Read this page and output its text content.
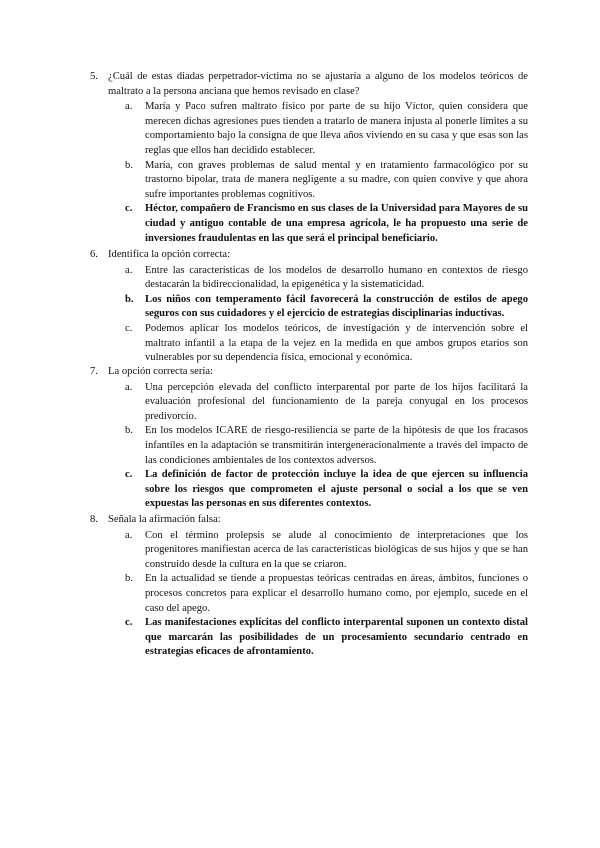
5. ¿Cuál de estas diadas perpetrador-víctima no se ajustaría a alguno de los modelos teóricos de maltrato a la persona anciana que hemos revisado en clase?
a.	María y Paco sufren maltrato físico por parte de su hijo Víctor, quien considera que merecen dichas agresiones pues tienden a tratarlo de manera injusta al ponerle límites a su comportamiento bajo la consigna de que lleva años viviendo en su casa y que esas son las reglas que ellos han decidido establecer.
b.	María, con graves problemas de salud mental y en tratamiento farmacológico por su trastorno bipolar, trata de manera negligente a su madre, con quien convive y que ahora sufre importantes problemas cognitivos.
c.	Héctor, compañero de Francismo en sus clases de la Universidad para Mayores de su ciudad y antiguo contable de una empresa agrícola, le ha propuesto una serie de inversiones fraudulentas en las que será el principal beneficiario.
6. Identifica la opción correcta:
a.	Entre las características de los modelos de desarrollo humano en contextos de riesgo destacarán la bidireccionalidad, la epigenética y la sistematicidad.
b.	Los niños con temperamento fácil favorecerá la construcción de estilos de apego seguros con sus cuidadores y el ejercicio de estrategias disciplinarias inductivas.
c.	Podemos aplicar los modelos teóricos, de investigación y de intervención sobre el maltrato infantil a la etapa de la vejez en la medida en que ambos grupos etarios son vulnerables por su dependencia física, emocional y económica.
7. La opción correcta sería:
a.	Una percepción elevada del conflicto interparental por parte de los hijos facilitará la evaluación profesional del funcionamiento de la pareja conyugal en los procesos predivorcio.
b.	En los modelos ICARE de riesgo-resiliencia se parte de la hipótesis de que los fracasos infantiles en la adaptación se transmitirán intergeneracionalmente a través del impacto de las condiciones ambientales de los contextos adversos.
c.	La definición de factor de protección incluye la idea de que ejercen su influencia sobre los riesgos que comprometen el ajuste personal o social a los que se ven expuestas las personas en sus diferentes contextos.
8. Señala la afirmación falsa:
a.	Con el término prolepsis se alude al conocimiento de interpretaciones que los progenitores manifiestan acerca de las características biológicas de sus hijos y que se han construido desde la cultura en la que se criaron.
b.	En la actualidad se tiende a propuestas teóricas centradas en áreas, ámbitos, funciones o procesos concretos para explicar el desarrollo humano como, por ejemplo, sucede en el caso del apego.
c.	Las manifestaciones explícitas del conflicto interparental suponen un contexto distal que marcarán las posibilidades de un procesamiento secundario centrado en estrategias eficaces de afrontamiento.
